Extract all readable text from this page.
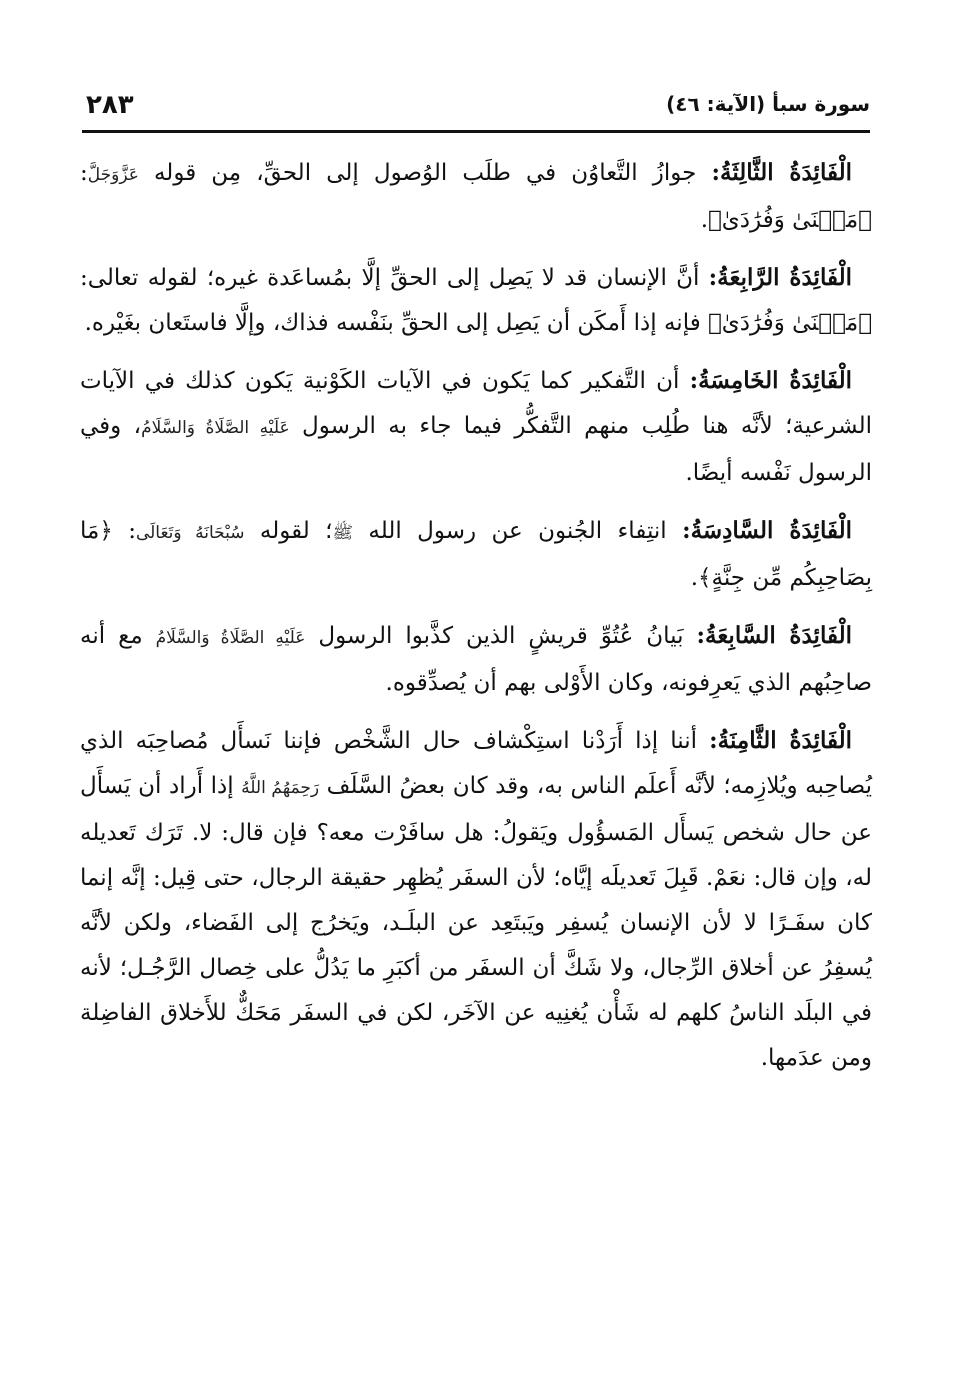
٢٨٣	سورة سبأ (الآية: ٤٦)

الْفَائِدَةُ الثَّالِثَةُ: جوازُ التَّعاوُن في طلَب الوُصول إلى الحقِّ، مِن قوله عَزَّوَجَلَّ: ﴿مَثۡنَىٰ وَفُرَٰدَىٰ﴾.

الْفَائِدَةُ الرَّابِعَةُ: أنَّ الإنسان قد لا يَصِل إلى الحقِّ إلَّا بمُساعَدة غيره؛ لقوله تعالى: ﴿مَثۡنَىٰ وَفُرَٰدَىٰ﴾ فإنه إذا أَمكَن أن يَصِل إلى الحقِّ بنَفْسه فذاك، وإلَّا فاستَعان بغَيْره.

الْفَائِدَةُ الخَامِسَةُ: أن التَّفكير كما يَكون في الآيات الكَوْنية يَكون كذلك في الآيات الشرعية؛ لأنَّه هنا طُلِب منهم التَّفكُّر فيما جاء به الرسول عَلَيْهِ الصَّلَاةُ وَالسَّلَامُ، وفي الرسول نَفْسه أيضًا.

الْفَائِدَةُ السَّادِسَةُ: انتِفاء الجُنون عن رسول الله ﷺ؛ لقوله سُبْحَانَهُ وَتَعَالَى: ﴿مَا بِصَاحِبِكُم مِّن جِنَّةٍ﴾.

الْفَائِدَةُ السَّابِعَةُ: بَيانُ عُتُوِّ قريشٍ الذين كذَّبوا الرسول عَلَيْهِ الصَّلَاةُ وَالسَّلَامُ مع أنه صاحِبُهم الذي يَعرِفونه، وكان الأَوْلى بهم أن يُصدِّقوه.

الْفَائِدَةُ الثَّامِنَةُ: أننا إذا أَرَدْنا استِكْشاف حال الشَّخْص فإننا نَسأَل مُصاحِبَه الذي يُصاحِبه ويُلازِمه؛ لأنَّه أَعلَم الناس به، وقد كان بعضُ السَّلَف رَحِمَهُمُ اللَّهُ إذا أَراد أن يَسأَل عن حال شخص يَسأَل المَسؤُول ويَقولُ: هل سافَرْت معه؟ فإن قال: لا. تَرَك تَعديله له، وإن قال: نعَمْ. قَبِلَ تَعديلَه إيَّاه؛ لأن السفَر يُظهِر حقيقة الرجال، حتى قِيل: إنَّه إنما كان سفَـرًا لا لأن الإنسان يُسفِر ويَبتَعِد عن البلَـد، ويَخرُج إلى الفَضاء، ولكن لأنَّه يُسفِرُ عن أخلاق الرِّجال، ولا شَكَّ أن السفَر من أكبَرِ ما يَدُلُّ على خِصال الرَّجُـل؛ لأنه في البلَد الناسُ كلهم له شَأْن يُغنِيه عن الآخَر، لكن في السفَر مَحَكٌّ للأَخلاق الفاضِلة ومن عدَمها.
